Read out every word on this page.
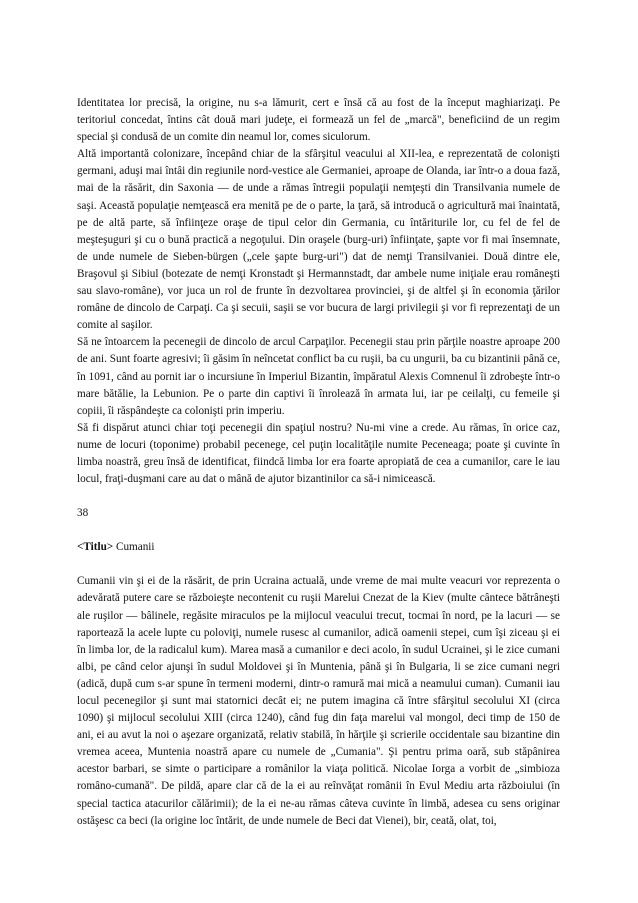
Identitatea lor precisă, la origine, nu s-a lămurit, cert e însă că au fost de la început maghiarizaţi. Pe teritoriul concedat, întins cât două mari judeţe, ei formează un fel de „marcă", beneficiind de un regim special şi condusă de un comite din neamul lor, comes siculorum.

Altă importantă colonizare, începând chiar de la sfârşitul veacului al XII-lea, e reprezentată de colonişti germani, aduşi mai întâi din regiunile nord-vestice ale Germaniei, aproape de Olanda, iar într-o a doua fază, mai de la răsărit, din Saxonia — de unde a rămas întregii populaţii nemţeşti din Transilvania numele de saşi. Această populaţie nemţească era menită pe de o parte, la ţară, să introducă o agricultură mai înaintată, pe de altă parte, să înfiinţeze oraşe de tipul celor din Germania, cu întăriturile lor, cu fel de fel de meşteşuguri şi cu o bună practică a negoţului. Din oraşele (burg-uri) înfiinţate, şapte vor fi mai însemnate, de unde numele de Sieben-bürgen („cele şapte burg-uri") dat de nemţi Transilvaniei. Două dintre ele, Braşovul şi Sibiul (botezate de nemţi Kronstadt şi Hermannstadt, dar ambele nume iniţiale erau româneşti sau slavo-române), vor juca un rol de frunte în dezvoltarea provinciei, şi de altfel şi în economia ţărilor române de dincolo de Carpaţi. Ca şi secuii, saşii se vor bucura de largi privilegii şi vor fi reprezentaţi de un comite al saşilor.

Să ne întoarcem la pecenegii de dincolo de arcul Carpaţilor. Pecenegii stau prin părţile noastre aproape 200 de ani. Sunt foarte agresivi; îi găsim în neîncetat conflict ba cu ruşii, ba cu ungurii, ba cu bizantinii până ce, în 1091, când au pornit iar o incursiune în Imperiul Bizantin, împăratul Alexis Comnenul îi zdrobeşte într-o mare bătălie, la Lebunion. Pe o parte din captivi îi înrolează în armata lui, iar pe ceilalţi, cu femeile şi copiii, îi răspândeşte ca colonişti prin imperiu.

Să fi dispărut atunci chiar toţi pecenegii din spaţiul nostru? Nu-mi vine a crede. Au rămas, în orice caz, nume de locuri (toponime) probabil pecenege, cel puţin localităţile numite Peceneaga; poate şi cuvinte în limba noastră, greu însă de identificat, fiindcă limba lor era foarte apropiată de cea a cumanilor, care le iau locul, fraţi-duşmani care au dat o mână de ajutor bizantinilor ca să-i nimicească.

38

<Titlu> Cumanii

Cumanii vin şi ei de la răsărit, de prin Ucraina actuală, unde vreme de mai multe veacuri vor reprezenta o adevărată putere care se războieşte necontenit cu ruşii Marelui Cnezat de la Kiev (multe cântece bătrâneşti ale ruşilor — bâlinele, regăsite miraculos pe la mijlocul veacului trecut, tocmai în nord, pe la lacuri — se raportează la acele lupte cu poloviţi, numele rusesc al cumanilor, adică oamenii stepei, cum îşi ziceau şi ei în limba lor, de la radicalul kum). Marea masă a cumanilor e deci acolo, în sudul Ucrainei, şi le zice cumani albi, pe când celor ajunşi în sudul Moldovei şi în Muntenia, până şi în Bulgaria, li se zice cumani negri (adică, după cum s-ar spune în termeni moderni, dintr-o ramură mai mică a neamului cuman). Cumanii iau locul pecenegilor şi sunt mai statornici decât ei; ne putem imagina că între sfârşitul secolului XI (circa 1090) şi mijlocul secolului XIII (circa 1240), când fug din faţa marelui val mongol, deci timp de 150 de ani, ei au avut la noi o aşezare organizată, relativ stabilă, în hărţile şi scrierile occidentale sau bizantine din vremea aceea, Muntenia noastră apare cu numele de „Cumania". Şi pentru prima oară, sub stăpânirea acestor barbari, se simte o participare a românilor la viaţa politică. Nicolae Iorga a vorbit de „simbioza româno-cumană". De pildă, apare clar că de la ei au reînvăţat românii în Evul Mediu arta războiului (în special tactica atacurilor călărimii); de la ei ne-au rămas câteva cuvinte în limbă, adesea cu sens originar ostăşesc ca beci (la origine loc întărit, de unde numele de Beci dat Vienei), bir, ceată, olat, toi,
